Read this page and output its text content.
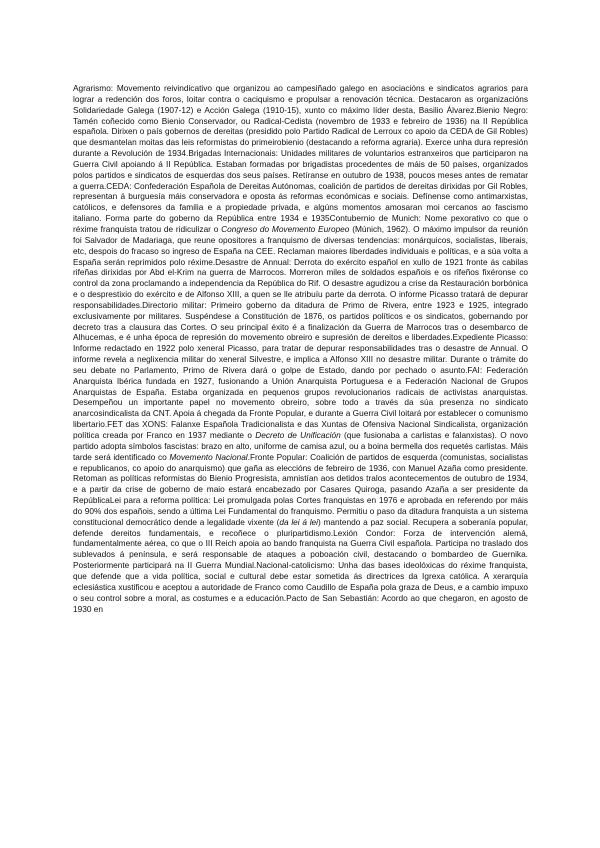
Agrarismo: Movemento reivindicativo que organizou ao campesiñado galego en asociacións e sindicatos agrarios para lograr a redención dos foros, loitar contra o caciquismo e propulsar a renovación técnica. Destacaron as organizacións Solidariedade Galega (1907-12) e Acción Galega (1910-15), xunto co máximo líder desta, Basilio Álvarez.Bienio Negro: Tamén coñecido como Bienio Conservador, ou Radical-Cedista (novembro de 1933 e febreiro de 1936) na II República española. Dirixen o país gobernos de dereitas (presidido polo Partido Radical de Lerroux co apoio da CEDA de Gil Robles) que desmantelan moitas das leis reformistas do primeirobienio (destacando a reforma agraria). Exerce unha dura represión durante a Revolución de 1934.Brigadas Internacionais: Unidades militares de voluntarios estranxeiros que participaron na Guerra Civil apoiando á II República. Estaban formadas por brigadistas procedentes de máis de 50 países, organizados polos partidos e sindicatos de esquerdas dos seus países. Retíranse en outubro de 1938, poucos meses antes de rematar a guerra.CEDA: Confederación Española de Dereitas Autónomas, coalición de partidos de dereitas dirixidas por Gil Robles, representan á burguesía máis conservadora e oposta ás reformas económicas e sociais. Defínense como antimarxistas, católicos, e defensores da familia e a propiedade privada, e algúns momentos amosaran moi cercanos ao fascismo italiano. Forma parte do goberno da República entre 1934 e 1935Contubernio de Munich: Nome pexorativo co que o réxime franquista tratou de ridiculizar o Congreso do Movemento Europeo (Múnich, 1962). O máximo impulsor da reunión foi Salvador de Madariaga, que reune opositores a franquismo de diversas tendencias: monárquicos, socialistas, liberais, etc, despois do fracaso so ingreso de España na CEE. Reclaman maiores liberdades individuais e políticas, e a súa volta a España serán reprimidos polo réxime.Desastre de Annual: Derrota do exército español en xullo de 1921 fronte ás cabilas rifeñas dirixidas por Abd el-Krim na guerra de Marrocos. Morreron miles de soldados españois e os rifeños fixéronse co control da zona proclamando a independencia da República do Rif. O desastre agudizou a crise da Restauración borbónica e o desprestixio do exército e de Alfonso XIII, a quen se lle atribuíu parte da derrota. O informe Picasso tratará de depurar responsabilidades.Directorio militar: Primeiro goberno da ditadura de Primo de Rivera, entre 1923 e 1925, integrado exclusivamente por militares. Suspéndese a Constitución de 1876, os partidos políticos e os sindicatos, gobernando por decreto tras a clausura das Cortes. O seu principal éxito é a finalización da Guerra de Marrocos tras o desembarco de Alhucemas, e é unha época de represión do movemento obreiro e supresión de dereitos e liberdades.Expediente Picasso: Informe redactado en 1922 polo xeneral Picasso, para tratar de depurar responsabilidades tras o desastre de Annual. O informe revela a neglixencia militar do xeneral Silvestre, e implica a Alfonso XIII no desastre militar. Durante o trámite do seu debate no Parlamento, Primo de Rivera dará o golpe de Estado, dando por pechado o asunto.FAI: Federación Anarquista Ibérica fundada en 1927, fusionando a Unión Anarquista Portuguesa e a Federación Nacional de Grupos Anarquistas de España. Estaba organizada en pequenos grupos revolucionarios radicais de activistas anarquistas. Desempeñou un importante papel no movemento obreiro, sobre todo a través da súa presenza no sindicato anarcosindicalista da CNT. Apoia á chegada da Fronte Popular, e durante a Guerra Civil loitará por establecer o comunismo libertario.FET das XONS: Falanxe Española Tradicionalista e das Xuntas de Ofensiva Nacional Sindicalista, organización política creada por Franco en 1937 mediante o Decreto de Unificación (que fusionaba a carlistas e falanxistas). O novo partido adopta símbolos fascistas: brazo en alto, uniforme de camisa azul, ou a boina bermella dos requetés carlistas. Máis tarde será identificado co Movemento Nacional.Fronte Popular: Coalición de partidos de esquerda (comunistas, socialistas e republicanos, co apoio do anarquismo) que gaña as eleccións de febreiro de 1936, con Manuel Azaña como presidente. Retoman as políticas reformistas do Bienio Progresista, amnistían aos detidos tralos acontecementos de outubro de 1934, e a partir da crise de goberno de maio estará encabezado por Casares Quiroga, pasando Azaña a ser presidente da RepúblicaLei para a reforma política: Lei promulgada polas Cortes franquistas en 1976 e aprobada en referendo por máis do 90% dos españois, sendo a última Lei Fundamental do franquismo. Permitiu o paso da ditadura franquista a un sistema constitucional democrático dende a legalidade vixente (da lei á lei) mantendo a paz social. Recupera a soberanía popular, defende dereitos fundamentais, e recoñece o pluripartidismo.Lexión Condor: Forza de intervención alemá, fundamentalmente aérea, co que o III Reich apoia ao bando franquista na Guerra Civil española. Participa no traslado dos sublevados á península, e será responsable de ataques a poboación civil, destacando o bombardeo de Guernika. Posteriormente participará na II Guerra Mundial.Nacional-catolicismo: Unha das bases ideolóxicas do réxime franquista, que defende que a vida política, social e cultural debe estar sometida ás directrices da Igrexa católica. A xerarquía eclesiástica xustificou e aceptou a autoridade de Franco como Caudillo de España pola graza de Deus, e a cambio impuxo o seu control sobre a moral, as costumes e a educación.Pacto de San Sebastián: Acordo ao que chegaron, en agosto de 1930 en
